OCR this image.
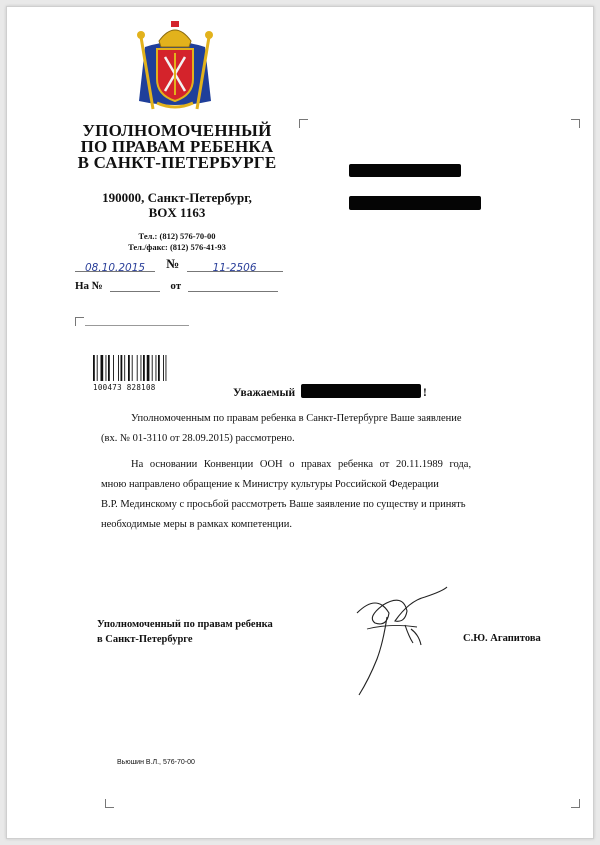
УПОЛНОМОЧЕННЫЙ
ПО ПРАВАМ РЕБЕНКА
В САНКТ-ПЕТЕРБУРГЕ
190000, Санкт-Петербург,
BOX 1163
Тел.: (812) 576-70-00
Тел./факс: (812) 576-41-93
08.10.2015 №	11-2506
На №	от
100473 828108	Уважаемый	!
Уполномоченным по правам ребенка в Санкт-Петербурге Ваше заявление
(вх. № 01-3110 от 28.09.2015) рассмотрено.
На основании Конвенции ООН о правах ребенка от 20.11.1989 года,
мною направлено обращение к Министру культуры Российской Федерации
В.Р. Мединскому с просьбой рассмотреть Ваше заявление по существу и принять
необходимые меры в рамках компетенции.
Уполномоченный по правам ребенка
в Санкт-Петербурге	С.Ю. Агапитова
Вьюшин В.Л., 576-70-00
